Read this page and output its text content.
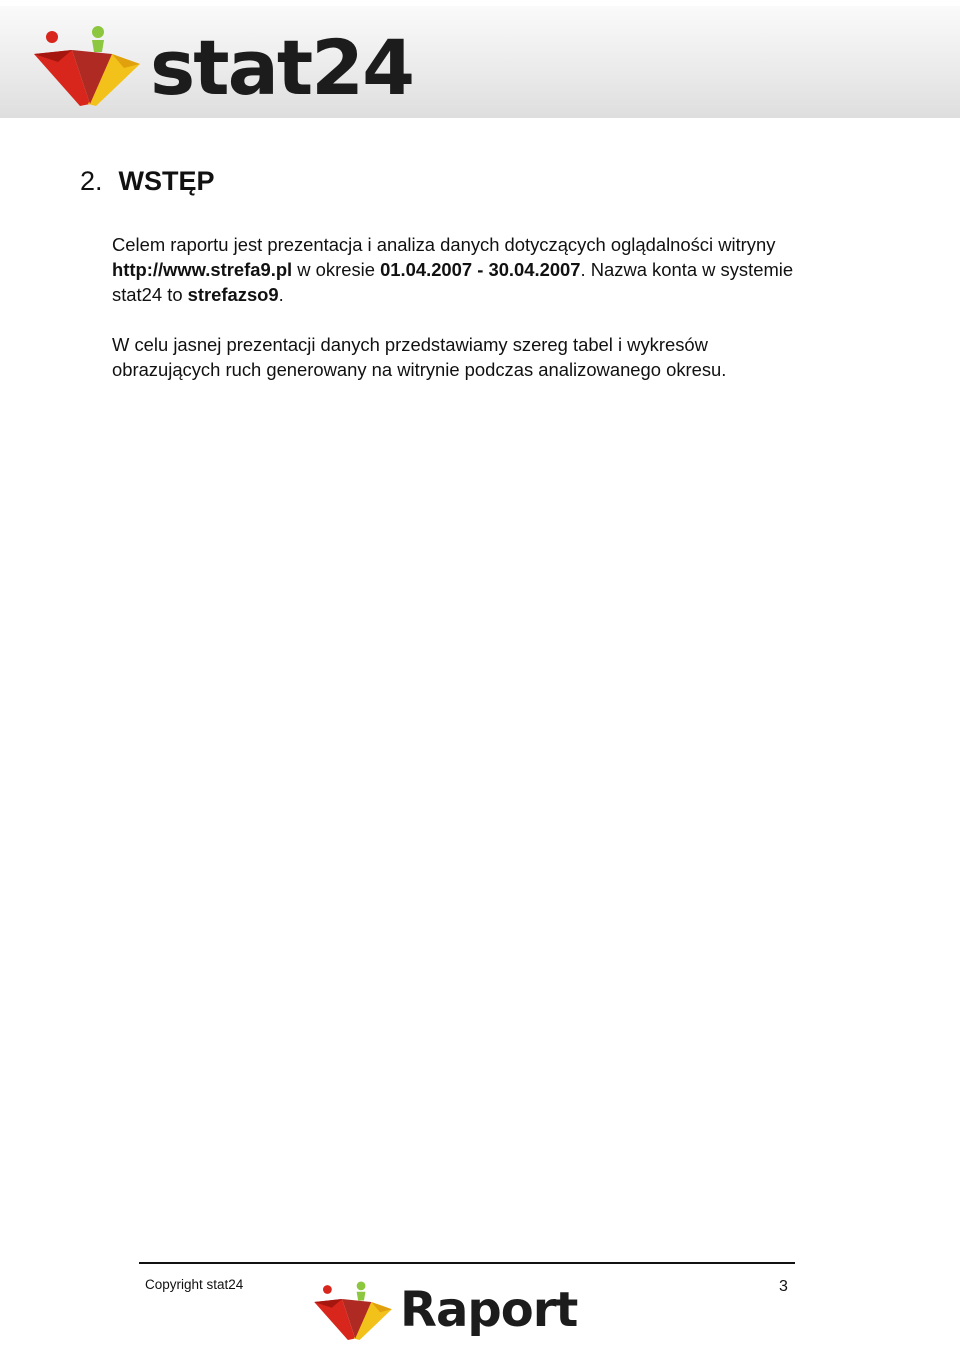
stat24
2. WSTĘP
Celem raportu jest prezentacja i analiza danych dotyczących oglądalności witryny http://www.strefa9.pl w okresie 01.04.2007 - 30.04.2007. Nazwa konta w systemie stat24 to strefazso9.
W celu jasnej prezentacji danych przedstawiamy szereg tabel i wykresów obrazujących ruch generowany na witrynie podczas analizowanego okresu.
Copyright stat24	Raport	3
